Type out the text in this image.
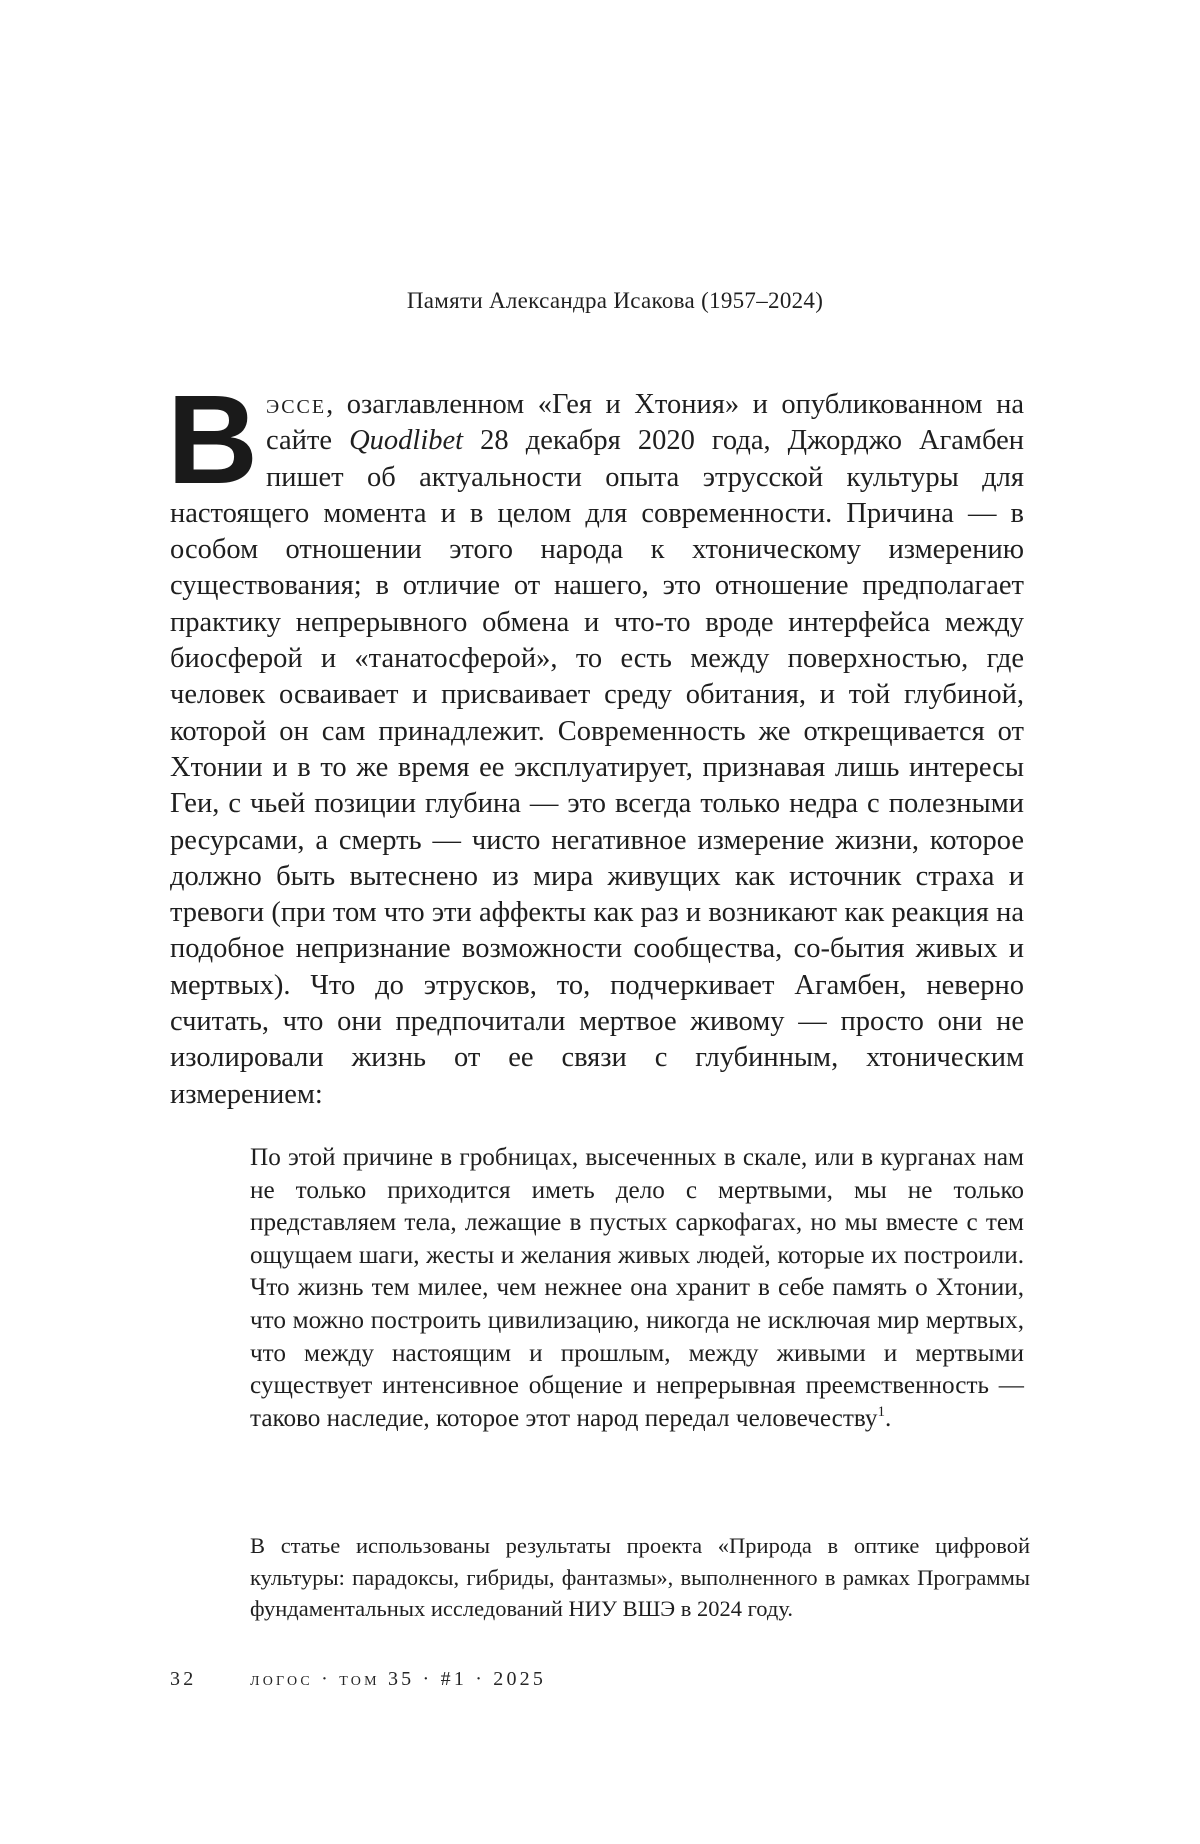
Памяти Александра Исакова (1957–2024)
Вэссе, озаглавленном «Гея и Хтония» и опубликованном на сайте Quodlibet 28 декабря 2020 года, Джорджо Агамбен пишет об актуальности опыта этрусской культуры для настоящего момента и в целом для современности. Причина — в особом отношении этого народа к хтоническому измерению существования; в отличие от нашего, это отношение предполагает практику непрерывного обмена и что-то вроде интерфейса между биосферой и «танатосферой», то есть между поверхностью, где человек осваивает и присваивает среду обитания, и той глубиной, которой он сам принадлежит. Современность же открещивается от Хтонии и в то же время ее эксплуатирует, признавая лишь интересы Геи, с чьей позиции глубина — это всегда только недра с полезными ресурсами, а смерть — чисто негативное измерение жизни, которое должно быть вытеснено из мира живущих как источник страха и тревоги (при том что эти аффекты как раз и возникают как реакция на подобное непризнание возможности сообщества, со-бытия живых и мертвых). Что до этрусков, то, подчеркивает Агамбен, неверно считать, что они предпочитали мертвое живому — просто они не изолировали жизнь от ее связи с глубинным, хтоническим измерением:
По этой причине в гробницах, высеченных в скале, или в курганах нам не только приходится иметь дело с мертвыми, мы не только представляем тела, лежащие в пустых саркофагах, но мы вместе с тем ощущаем шаги, жесты и желания живых людей, которые их построили. Что жизнь тем милее, чем нежнее она хранит в себе память о Хтонии, что можно построить цивилизацию, никогда не исключая мир мертвых, что между настоящим и прошлым, между живыми и мертвыми существует интенсивное общение и непрерывная преемственность — таково наследие, которое этот народ передал человечеству$^1$.
В статье использованы результаты проекта «Природа в оптике цифровой культуры: парадоксы, гибриды, фантазмы», выполненного в рамках Программы фундаментальных исследований НИУ ВШЭ в 2024 году.
32	логос · том 35 · #1 · 2025
